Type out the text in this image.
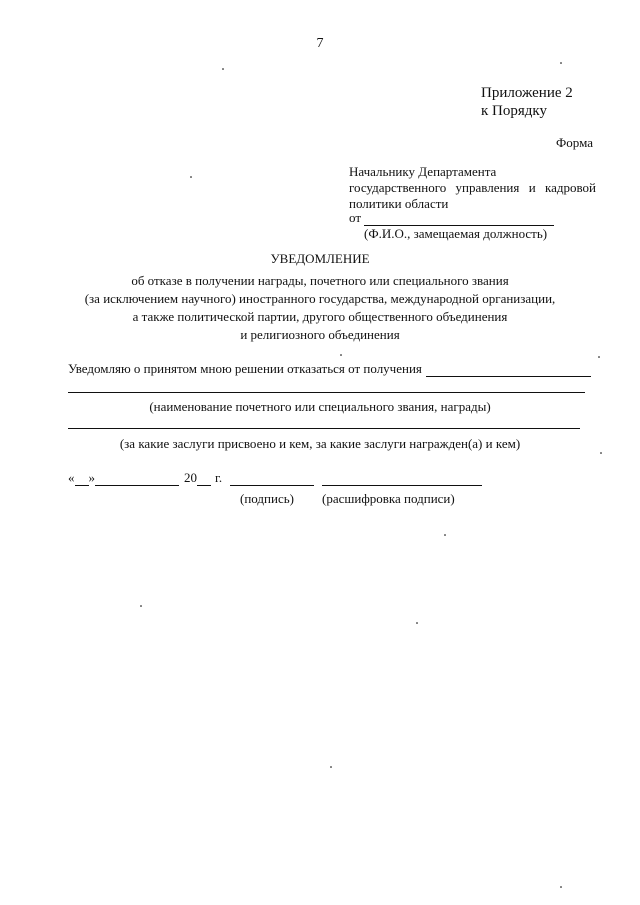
7
Приложение 2
к Порядку
Форма
Начальнику Департамента
государственного управления и кадровой
политики области
от
(Ф.И.О., замещаемая должность)
УВЕДОМЛЕНИЕ
об отказе в получении награды, почетного или специального звания
(за исключением научного) иностранного государства, международной организации,
а также политической партии, другого общественного объединения
и религиозного объединения
Уведомляю о принятом мною решении отказаться от получения
(наименование почетного или специального звания, награды)
(за какие заслуги присвоено и кем, за какие заслуги награжден(а) и кем)
« »	20 г.
(подпись) (расшифровка подписи)
